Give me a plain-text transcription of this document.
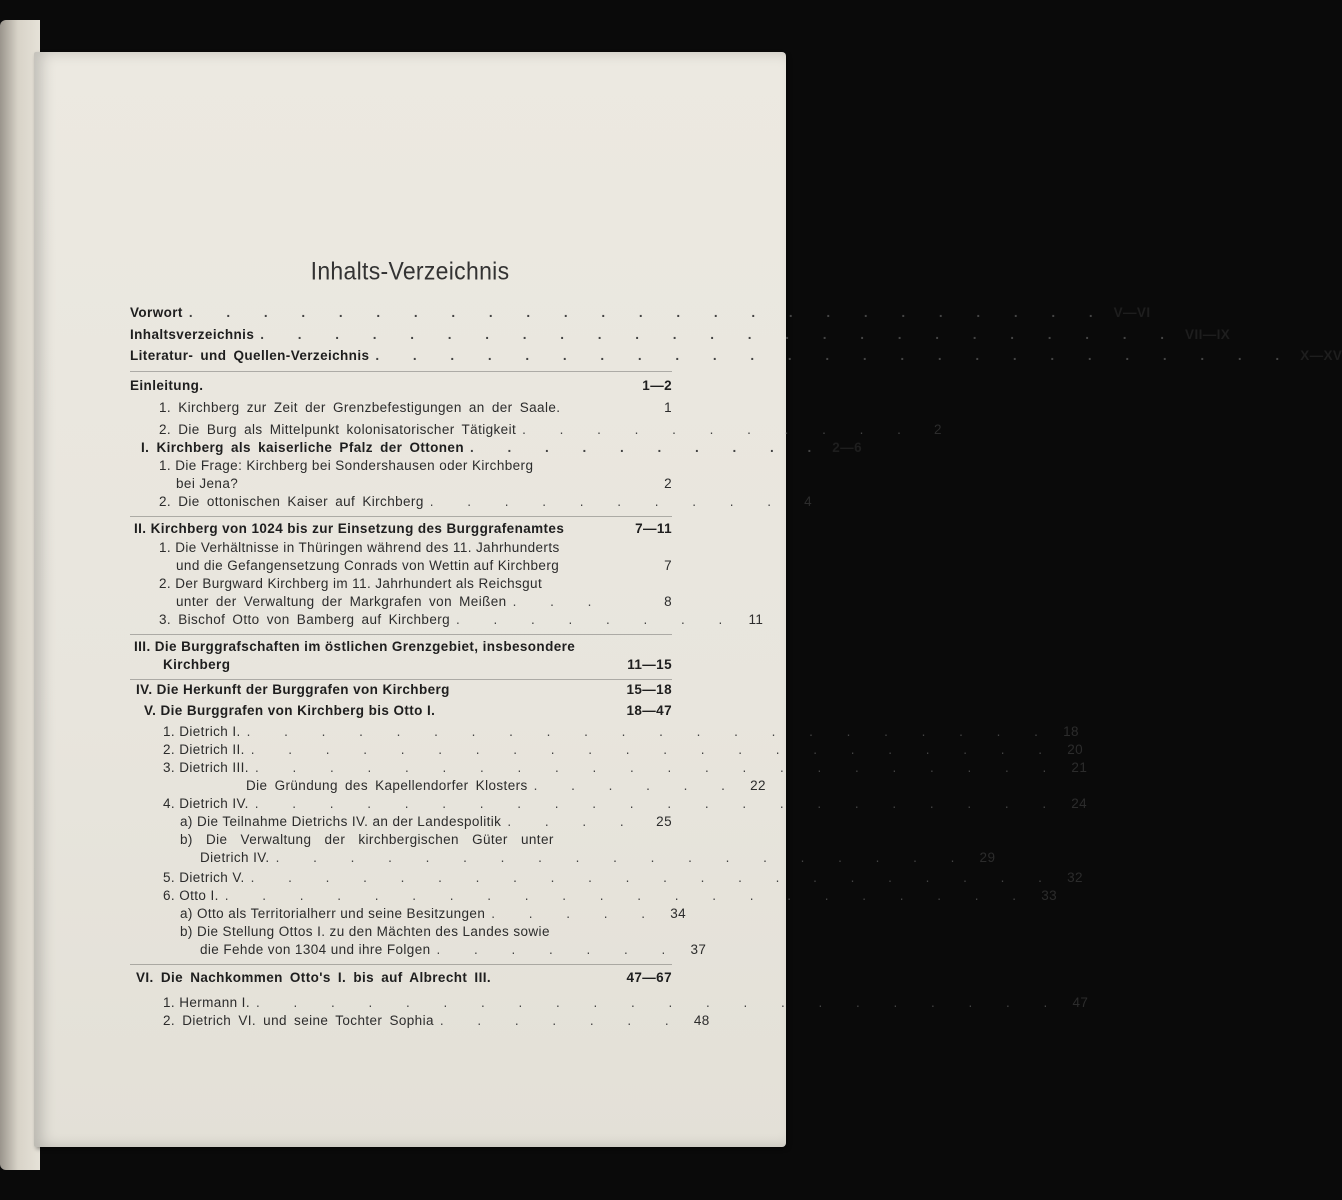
Inhalts-Verzeichnis
Vorwort . . . . . . . . . . . . . . . . . . . . . . . . . V—VI
Inhaltsverzeichnis . . . . . . . . . . . . . . . . . . . . . . . . . VII—IX
Literatur- und Quellen-Verzeichnis . . . . . . . . . . . . . . . . . . . . . . . . . X—XV
Einleitung.	1—2
1. Kirchberg zur Zeit der Grenzbefestigungen an der Saale.	1
2. Die Burg als Mittelpunkt kolonisatorischer Tätigkeit . . . . . . . . . . .	2
I. Kirchberg als kaiserliche Pfalz der Ottonen . . . . . . . . . . 2—6
1. Die Frage: Kirchberg bei Sondershausen oder Kirchberg
bei Jena?	2
2. Die ottonischen Kaiser auf Kirchberg . . . . . . . . . .	4
II. Kirchberg von 1024 bis zur Einsetzung des Burggrafenamtes	7—11
1. Die Verhältnisse in Thüringen während des 11. Jahrhunderts
und die Gefangensetzung Conrads von Wettin auf Kirchberg	7
2. Der Burgward Kirchberg im 11. Jahrhundert als Reichsgut
unter der Verwaltung der Markgrafen von Meißen . . .	8
3. Bischof Otto von Bamberg auf Kirchberg . . . . . . . . 11
III. Die Burggrafschaften im östlichen Grenzgebiet, insbesondere
Kirchberg	11—15
IV. Die Herkunft der Burggrafen von Kirchberg	15—18
V. Die Burggrafen von Kirchberg bis Otto I.	18—47
1. Dietrich I. . . . . . . . . . . . . . . . . . . . . . . 18
2. Dietrich II. . . . . . . . . . . . . . . . . . . . . . . 20
3. Dietrich III. . . . . . . . . . . . . . . . . . . . . . . 21
Die Gründung des Kapellendorfer Klosters . . . . . . 22
4. Dietrich IV. . . . . . . . . . . . . . . . . . . . . . . 24
a) Die Teilnahme Dietrichs IV. an der Landespolitik . . . .	25
b) Die Verwaltung der kirchbergischen Güter unter
Dietrich IV. . . . . . . . . . . . . . . . . . . . 29
5. Dietrich V. . . . . . . . . . . . . . . . . . . . . . . 32
6. Otto I. . . . . . . . . . . . . . . . . . . . . . . 33
a) Otto als Territorialherr und seine Besitzungen . . . . . 34
b) Die Stellung Ottos I. zu den Mächten des Landes sowie
die Fehde von 1304 und ihre Folgen . . . . . . . 37
VI. Die Nachkommen Otto's I. bis auf Albrecht III.	47—67
1. Hermann I. . . . . . . . . . . . . . . . . . . . . . . 47
2. Dietrich VI. und seine Tochter Sophia . . . . . . . 48
